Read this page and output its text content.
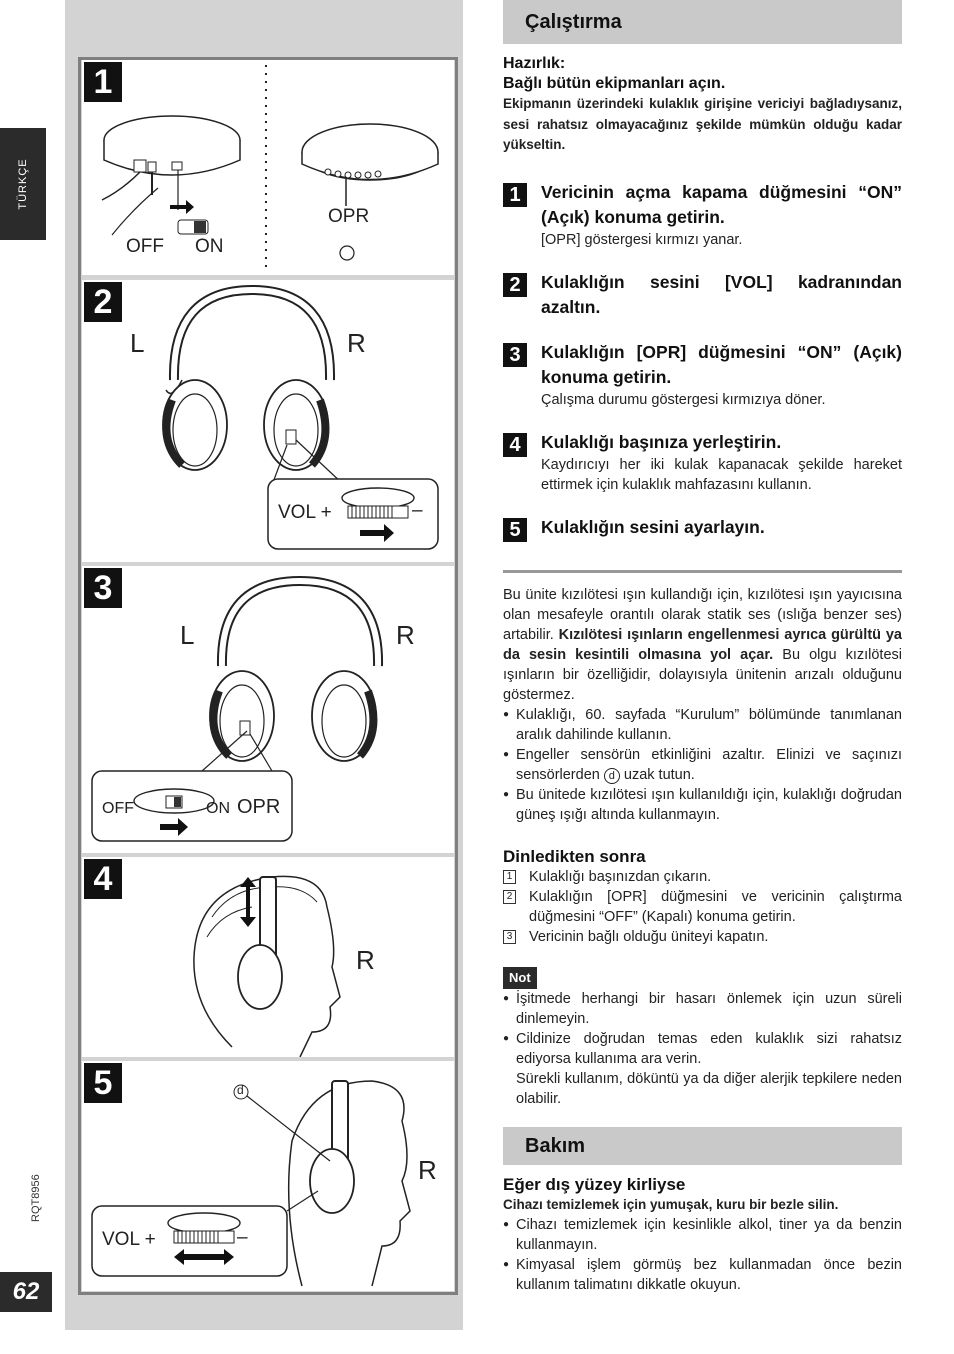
TÜRKÇE
RQT8956
62
1
OFF ON
OPR
2
L	R
VOL +	–
3
L	R
OFF	ON OPR
4
R
5	d
R
VOL +	–
Çalıştırma
Hazırlık:
Bağlı bütün ekipmanları açın.
Ekipmanın üzerindeki kulaklık girişine vericiyi bağladıysanız, sesi rahatsız olmayacağınız şekilde mümkün olduğu kadar yükseltin.
1	Vericinin açma kapama düğmesini “ON” (Açık) konuma getirin.
[OPR] göstergesi kırmızı yanar.
2	Kulaklığın sesini [VOL] kadranından azaltın.
3	Kulaklığın [OPR] düğmesini “ON” (Açık) konuma getirin.
Çalışma durumu göstergesi kırmızıya döner.
4	Kulaklığı başınıza yerleştirin.
Kaydırıcıyı her iki kulak kapanacak şekilde hareket ettirmek için kulaklık mahfazasını kullanın.
5	Kulaklığın sesini ayarlayın.
Bu ünite kızılötesi ışın kullandığı için, kızılötesi ışın yayıcısına olan mesafeyle orantılı olarak statik ses (ıslığa benzer ses) artabilir. Kızılötesi ışınların engellenmesi ayrıca gürültü ya da sesin kesintili olmasına yol açar. Bu olgu kızılötesi ışınların bir özelliğidir, dolayısıyla ünitenin arızalı olduğunu göstermez.
● Kulaklığı, 60. sayfada “Kurulum” bölümünde tanımlanan aralık dahilinde kullanın.
● Engeller sensörün etkinliğini azaltır. Elinizi ve saçınızı sensörlerden d uzak tutun.
● Bu ünitede kızılötesi ışın kullanıldığı için, kulaklığı doğrudan güneş ışığı altında kullanmayın.
Dinledikten sonra
1 Kulaklığı başınızdan çıkarın.
2 Kulaklığın [OPR] düğmesini ve vericinin çalıştırma düğmesini “OFF” (Kapalı) konuma getirin.
3 Vericinin bağlı olduğu üniteyi kapatın.
Not
● İşitmede herhangi bir hasarı önlemek için uzun süreli dinlemeyin.
● Cildinize doğrudan temas eden kulaklık sizi rahatsız ediyorsa kullanıma ara verin.
Sürekli kullanım, döküntü ya da diğer alerjik tepkilere neden olabilir.
Bakım
Eğer dış yüzey kirliyse
Cihazı temizlemek için yumuşak, kuru bir bezle silin.
● Cihazı temizlemek için kesinlikle alkol, tiner ya da benzin kullanmayın.
● Kimyasal işlem görmüş bez kullanmadan önce bezin kullanım talimatını dikkatle okuyun.
